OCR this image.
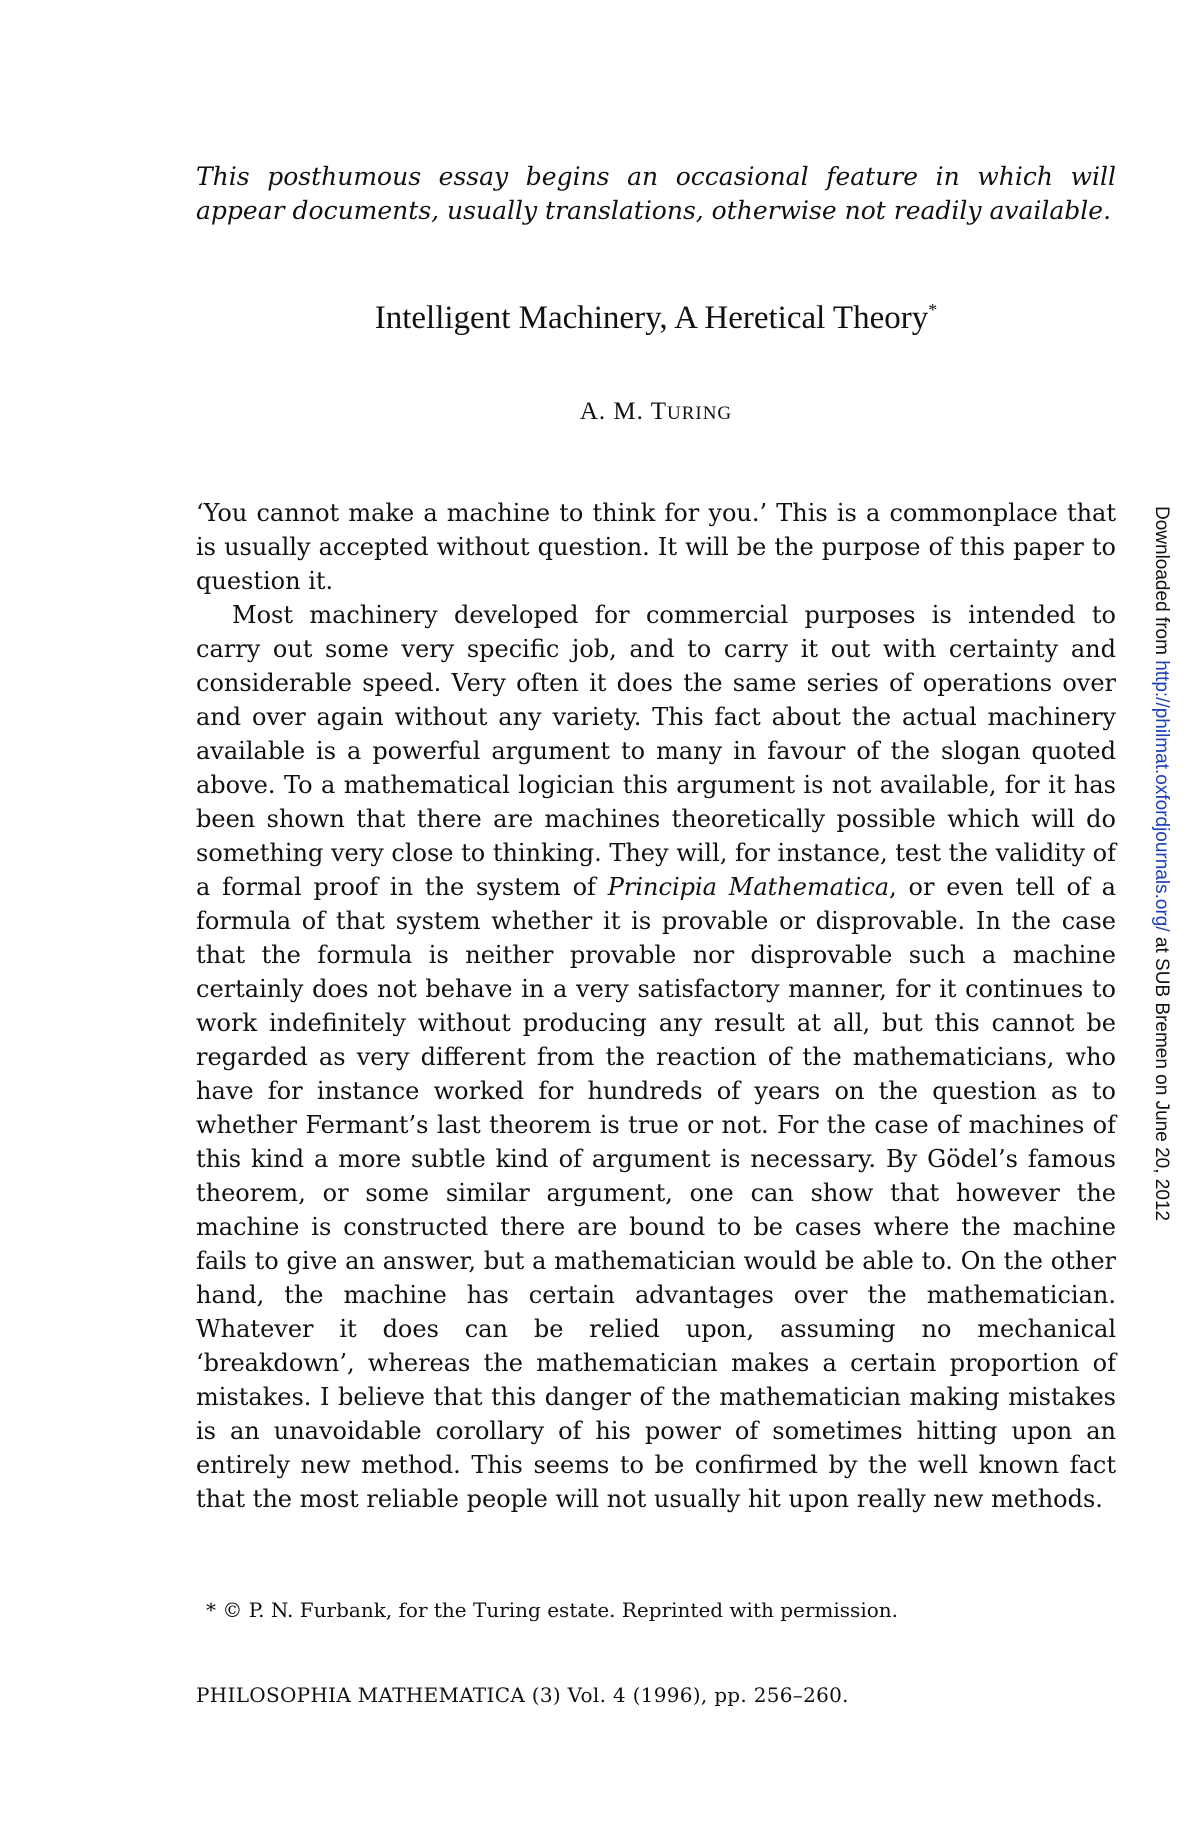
This posthumous essay begins an occasional feature in which will appear documents, usually translations, otherwise not readily available.
Intelligent Machinery, A Heretical Theory*
A. M. TURING

‘You cannot make a machine to think for you.’ This is a commonplace that is usually accepted without question. It will be the purpose of this paper to question it.

Most machinery developed for commercial purposes is intended to carry out some very specific job, and to carry it out with certainty and considerable speed. Very often it does the same series of operations over and over again without any variety. This fact about the actual machinery available is a powerful argument to many in favour of the slogan quoted above. To a mathematical logician this argument is not available, for it has been shown that there are machines theoretically possible which will do something very close to thinking. They will, for instance, test the validity of a formal proof in the system of Principia Mathematica, or even tell of a formula of that system whether it is provable or disprovable. In the case that the formula is neither provable nor disprovable such a machine certainly does not behave in a very satisfactory manner, for it continues to work indefinitely without producing any result at all, but this cannot be regarded as very different from the reaction of the mathematicians, who have for instance worked for hundreds of years on the question as to whether Fermant’s last theorem is true or not. For the case of machines of this kind a more subtle kind of argument is necessary. By Gödel’s famous theorem, or some similar argument, one can show that however the machine is constructed there are bound to be cases where the machine fails to give an answer, but a mathematician would be able to. On the other hand, the machine has certain advantages over the mathematician. Whatever it does can be relied upon, assuming no mechanical ‘breakdown’, whereas the mathematician makes a certain proportion of mistakes. I believe that this danger of the mathematician making mistakes is an unavoidable corollary of his power of sometimes hitting upon an entirely new method. This seems to be confirmed by the well known fact that the most reliable people will not usually hit upon really new methods.

* © P. N. Furbank, for the Turing estate. Reprinted with permission.
PHILOSOPHIA MATHEMATICA (3) Vol. 4 (1996), pp. 256–260.
Downloaded from http://philmat.oxfordjournals.org/ at SUB Bremen on June 20, 2012
